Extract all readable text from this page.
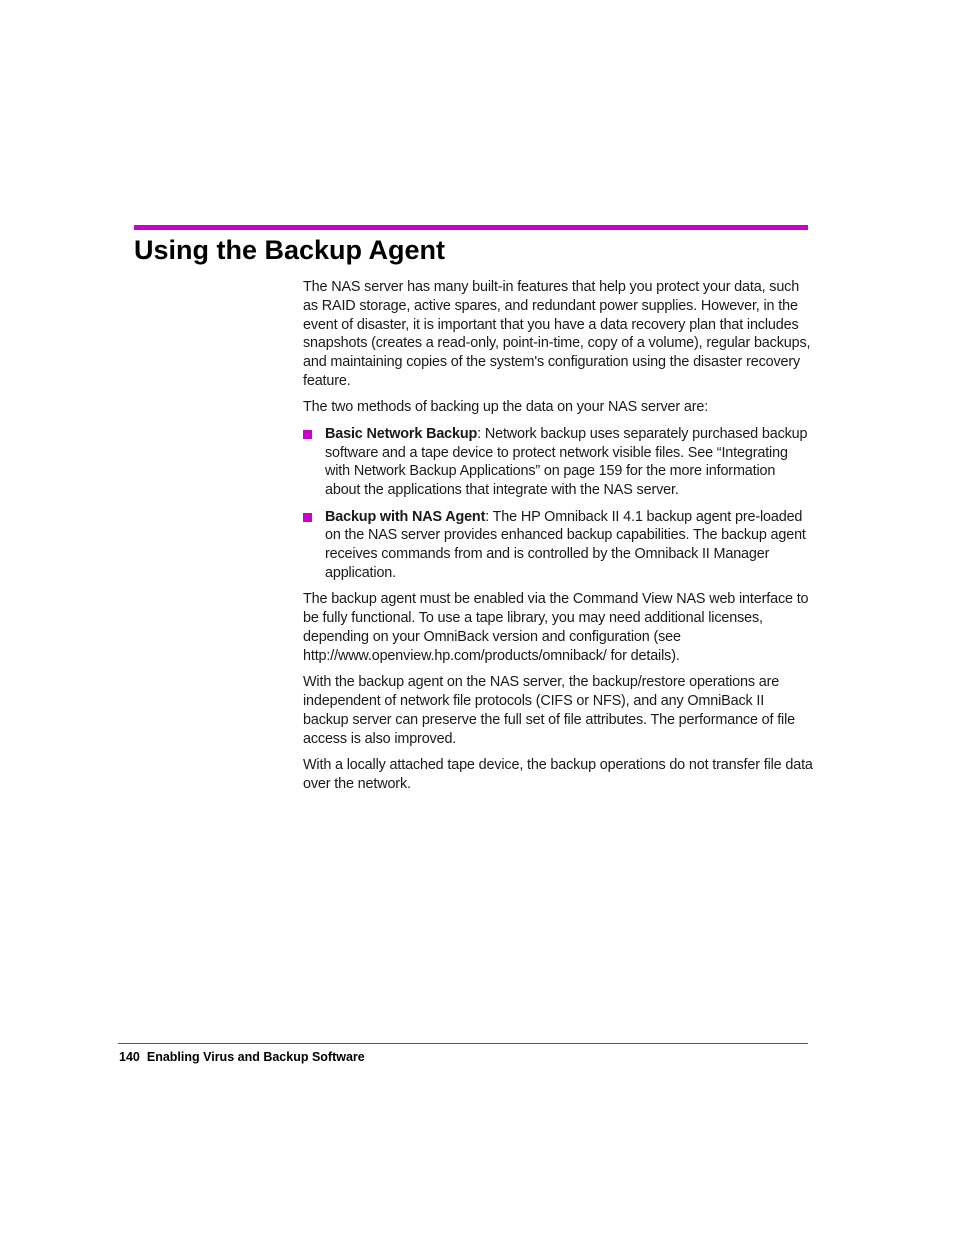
Using the Backup Agent

The NAS server has many built-in features that help you protect your data, such as RAID storage, active spares, and redundant power supplies. However, in the event of disaster, it is important that you have a data recovery plan that includes snapshots (creates a read-only, point-in-time, copy of a volume), regular backups, and maintaining copies of the system's configuration using the disaster recovery feature.

The two methods of backing up the data on your NAS server are:

Basic Network Backup: Network backup uses separately purchased backup software and a tape device to protect network visible files. See “Integrating with Network Backup Applications” on page 159 for the more information about the applications that integrate with the NAS server.
Backup with NAS Agent: The HP Omniback II 4.1 backup agent pre-loaded on the NAS server provides enhanced backup capabilities. The backup agent receives commands from and is controlled by the Omniback II Manager application.

The backup agent must be enabled via the Command View NAS web interface to be fully functional. To use a tape library, you may need additional licenses, depending on your OmniBack version and configuration (see http://www.openview.hp.com/products/omniback/ for details).

With the backup agent on the NAS server, the backup/restore operations are independent of network file protocols (CIFS or NFS), and any OmniBack II backup server can preserve the full set of file attributes. The performance of file access is also improved.

With a locally attached tape device, the backup operations do not transfer file data over the network.

140 Enabling Virus and Backup Software
